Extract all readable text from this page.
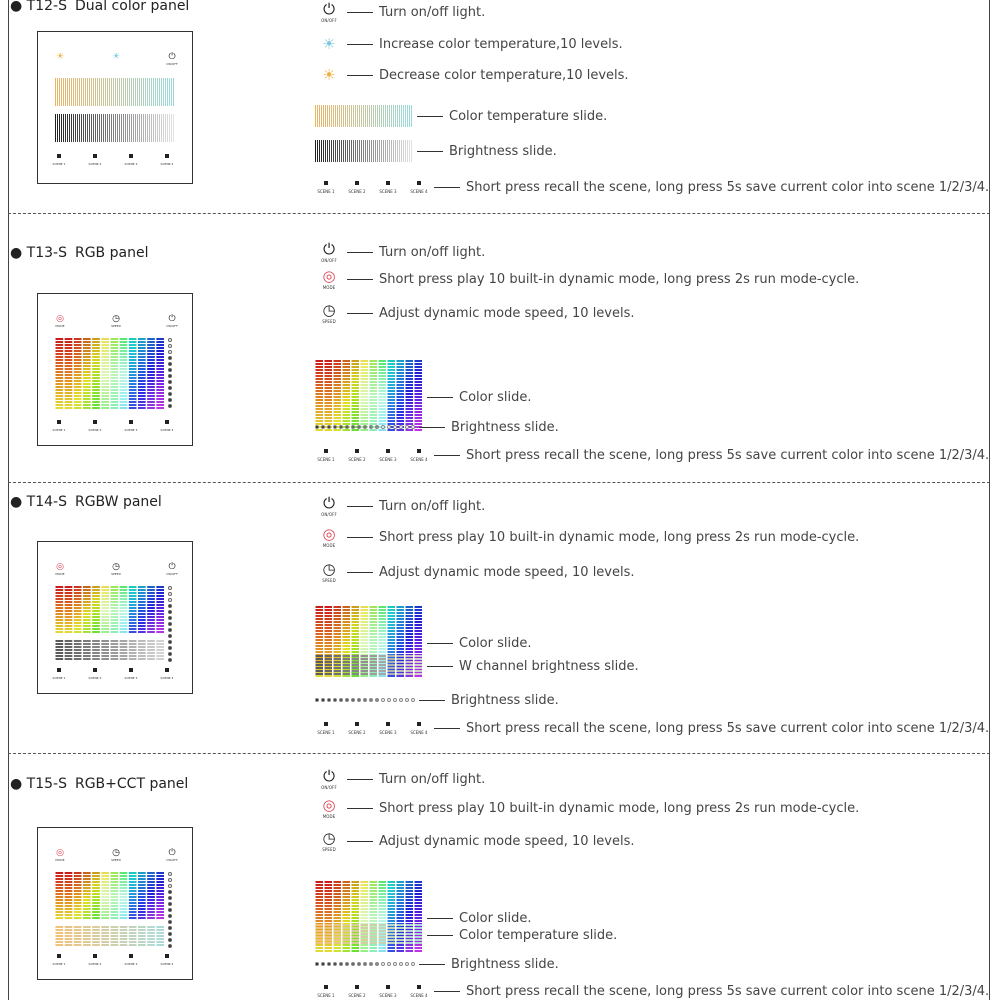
● T12-S Dual color panel
● T13-S RGB panel
● T14-S RGBW panel
● T15-S RGB+CCT panel
☀	☀	⏻
ON/OFF
SCENE 1	SCENE 2	SCENE 3	SCENE 4
◎
MODE
◷
SPEED
⏻
ON/OFF
SCENE 1	SCENE 2	SCENE 3	SCENE 4
◎
MODE
◷
SPEED
⏻
ON/OFF
SCENE 1	SCENE 2	SCENE 3	SCENE 4
◎
MODE
◷
SPEED
⏻
ON/OFF
SCENE 1	SCENE 2	SCENE 3	SCENE 4
⏻
ON/OFF
Turn on/off light.
☀	Increase color temperature,10 levels.
☀	Decrease color temperature,10 levels.
Color temperature slide.
Brightness slide.
SCENE 1	SCENE 2	SCENE 3	SCENE 4	Short press recall the scene, long press 5s save current color into scene 1/2/3/4.
⏻
ON/OFF
Turn on/off light.
◎
MODE
Short press play 10 built-in dynamic mode, long press 2s run mode-cycle.
◷
SPEED
Adjust dynamic mode speed, 10 levels.
Color slide.
Brightness slide.
SCENE 1	SCENE 2	SCENE 3	SCENE 4	Short press recall the scene, long press 5s save current color into scene 1/2/3/4.
⏻
ON/OFF
Turn on/off light.
◎
MODE
Short press play 10 built-in dynamic mode, long press 2s run mode-cycle.
◷
SPEED
Adjust dynamic mode speed, 10 levels.
Color slide.
W channel brightness slide.
Brightness slide.
SCENE 1	SCENE 2	SCENE 3	SCENE 4	Short press recall the scene, long press 5s save current color into scene 1/2/3/4.
⏻
ON/OFF
Turn on/off light.
◎
MODE
Short press play 10 built-in dynamic mode, long press 2s run mode-cycle.
◷
SPEED
Adjust dynamic mode speed, 10 levels.
Color slide.
Color temperature slide.
Brightness slide.
SCENE 1	SCENE 2	SCENE 3	SCENE 4	Short press recall the scene, long press 5s save current color into scene 1/2/3/4.
